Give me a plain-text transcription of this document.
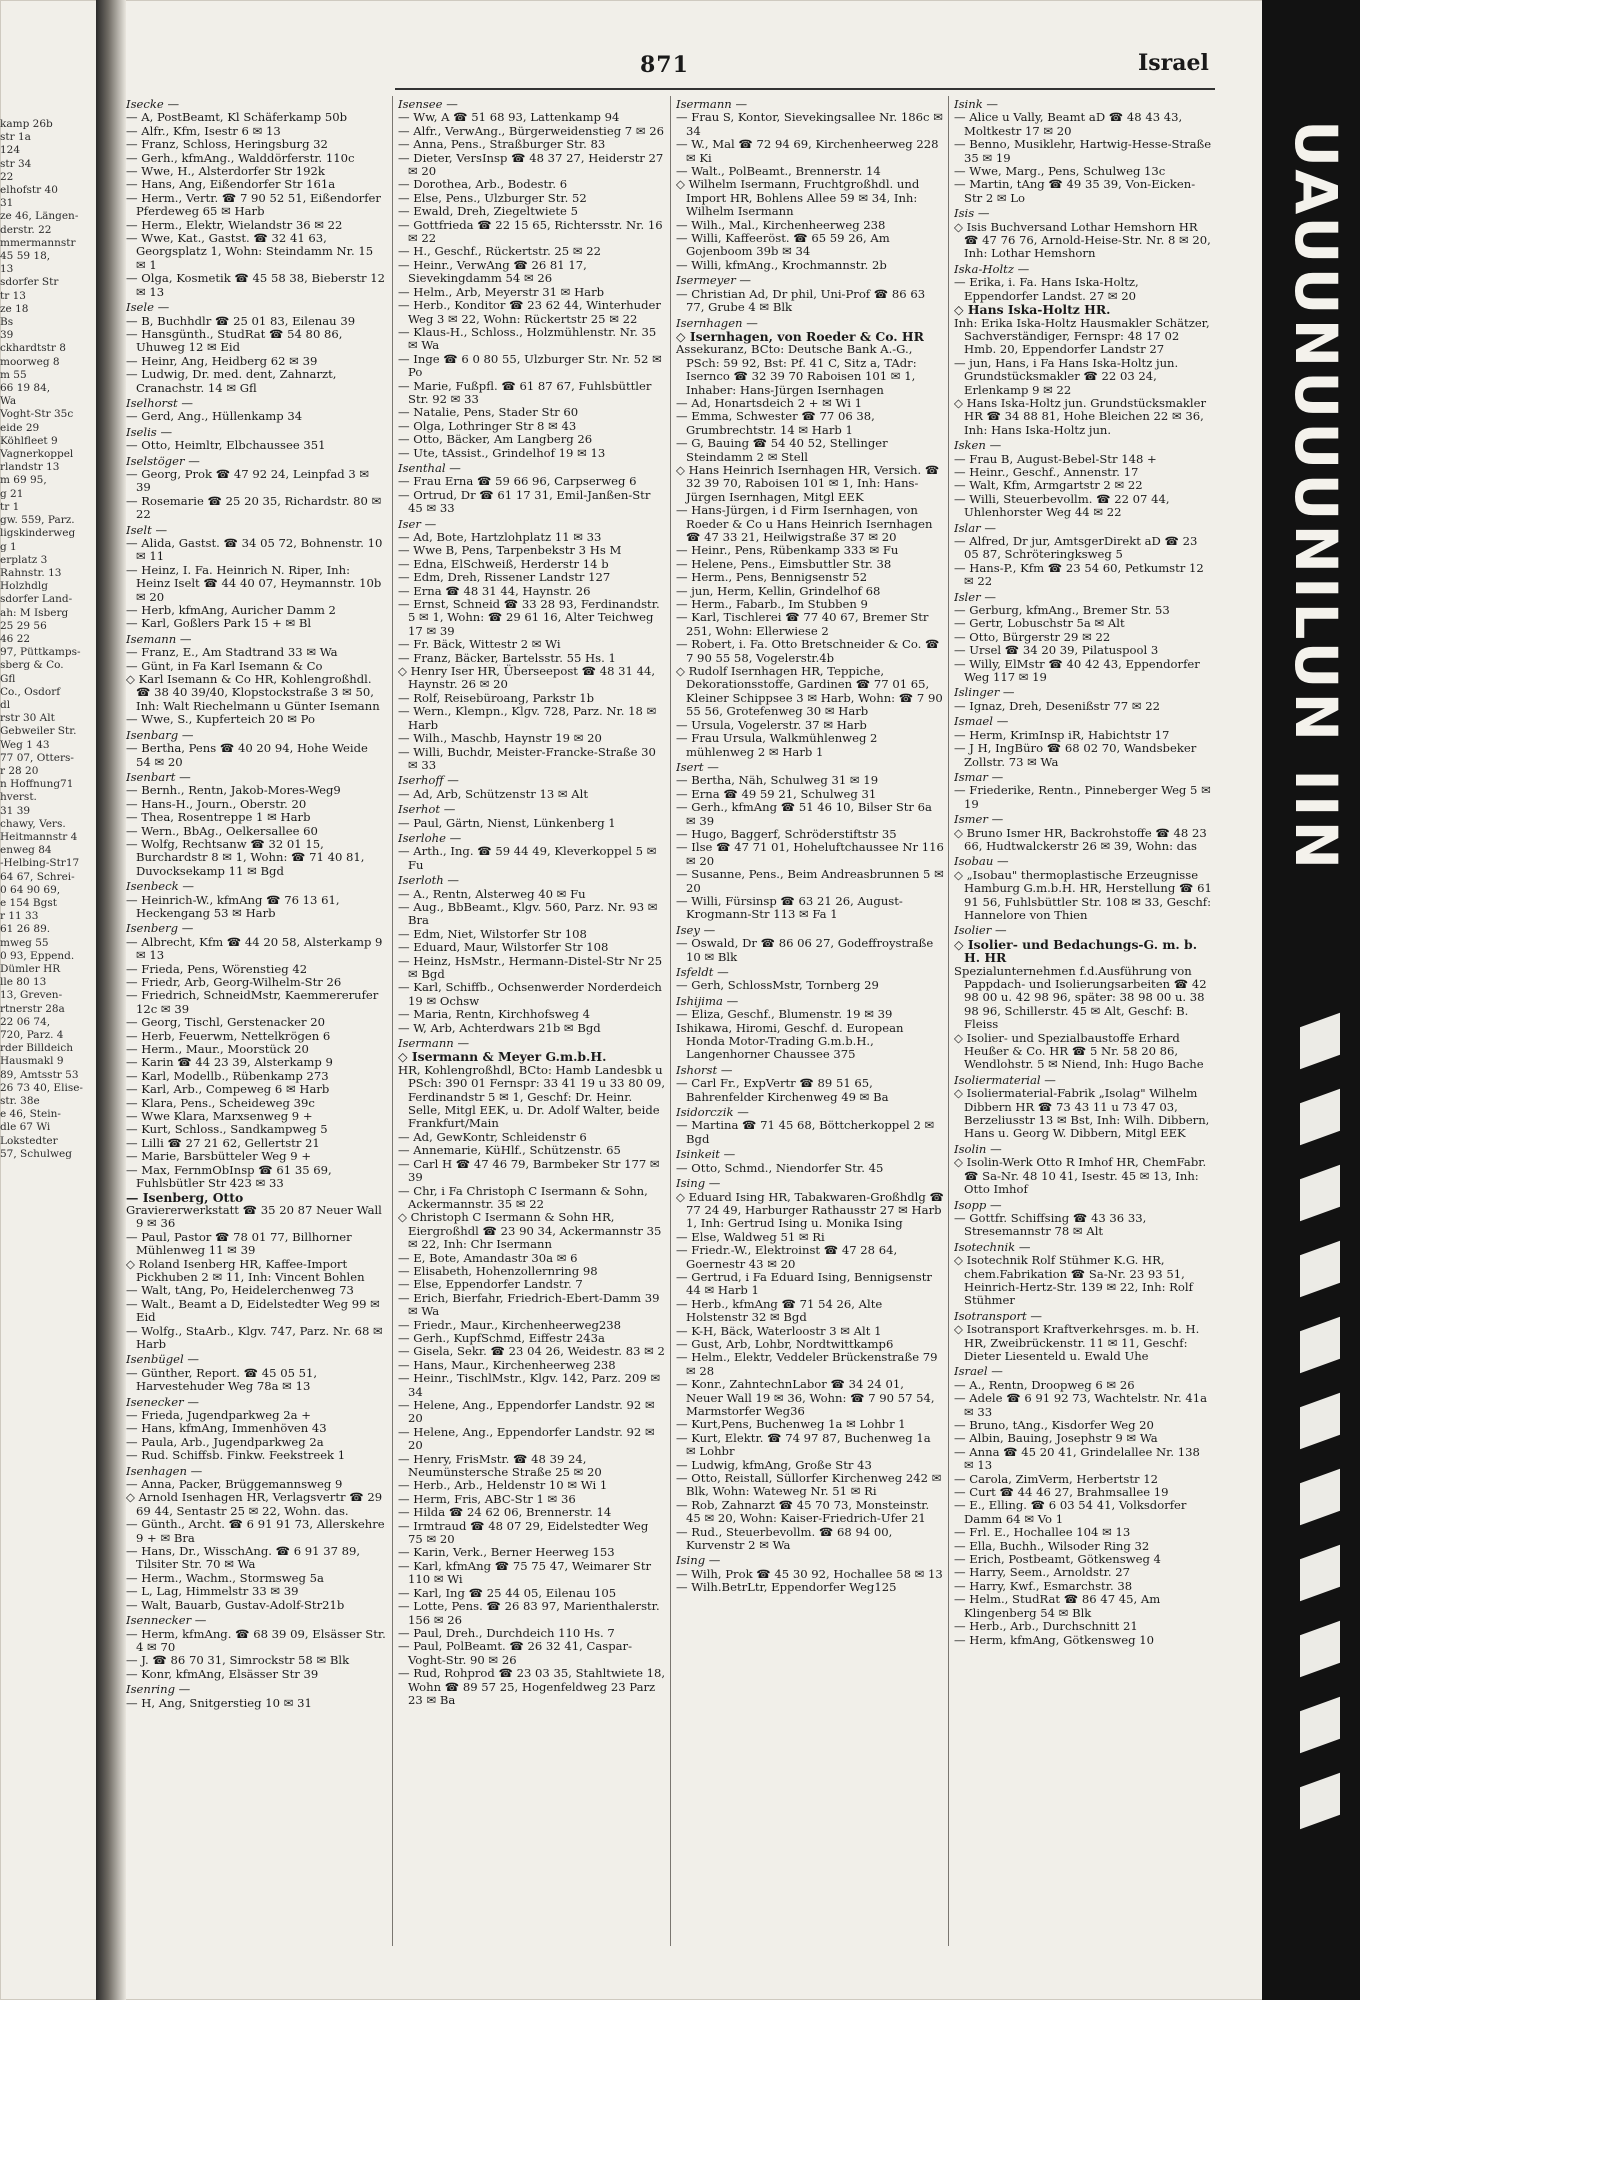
kamp 26b
str 1a
124
str 34
22
elhofstr 40
31
ze 46, Längen-
derstr. 22
mmermannstr
45 59 18,
13
sdorfer Str
tr 13
ze 18
Bs
39
ckhardtstr 8
moorweg 8
m 55
66 19 84,
Wa
Voght-Str 35c
eide 29
Köhlfleet 9
Vagnerkoppel
rlandstr 13
m 69 95,
g 21
tr 1
gw. 559, Parz.
ligskinderweg
g 1
erplatz 3
Rahnstr. 13
Holzhdlg
sdorfer Land-
ah: M Isberg
25 29 56
46 22
97, Püttkamps-
sberg & Co.
Gfl
Co., Osdorf
dl
rstr 30 Alt
Gebweiler Str.
Weg 1 43
77 07, Otters-
r 28 20
n Hoffnung71
hverst.
31 39
chawy, Vers.
Heitmannstr 4
enweg 84
-Helbing-Str17
64 67, Schrei-
0 64 90 69,
e 154 Bgst
r 11 33
61 26 89.
mweg 55
0 93, Eppend.
Dümler HR
lle 80 13
13, Greven-
rtnerstr 28a
22 06 74,
720, Parz. 4
rder Billdeich
Hausmakl 9
89, Amtsstr 53
26 73 40, Elise-
str. 38e
e 46, Stein-
dle 67 Wi
Lokstedter
57, Schulweg
871	Israel

Isecke —

— A, PostBeamt, Kl Schäferkamp 50b

— Alfr., Kfm, Isestr 6 ✉ 13

— Franz, Schloss, Heringsburg 32

— Gerh., kfmAng., Walddörferstr. 110c

— Wwe, H., Alsterdorfer Str 192k

— Hans, Ang, Eißendorfer Str 161a

— Herm., Vertr. ☎ 7 90 52 51, Eißendorfer Pferdeweg 65 ✉ Harb

— Herm., Elektr, Wielandstr 36 ✉ 22

— Wwe, Kat., Gastst. ☎ 32 41 63, Georgsplatz 1, Wohn: Steindamm Nr. 15 ✉ 1

— Olga, Kosmetik ☎ 45 58 38, Bieberstr 12 ✉ 13

Isele —

— B, Buchhdlr ☎ 25 01 83, Eilenau 39

— Hansgünth., StudRat ☎ 54 80 86, Uhuweg 12 ✉ Eid

— Heinr, Ang, Heidberg 62 ✉ 39

— Ludwig, Dr. med. dent, Zahnarzt, Cranachstr. 14 ✉ Gfl

Iselhorst —

— Gerd, Ang., Hüllenkamp 34

Iselis —

— Otto, Heimltr, Elbchaussee 351

Iselstöger —

— Georg, Prok ☎ 47 92 24, Leinpfad 3 ✉ 39

— Rosemarie ☎ 25 20 35, Richardstr. 80 ✉ 22

Iselt —

— Alida, Gastst. ☎ 34 05 72, Bohnenstr. 10 ✉ 11

— Heinz, I. Fa. Heinrich N. Riper, Inh: Heinz Iselt ☎ 44 40 07, Heymannstr. 10b ✉ 20

— Herb, kfmAng, Auricher Damm 2

— Karl, Goßlers Park 15 + ✉ Bl

Isemann —

— Franz, E., Am Stadtrand 33 ✉ Wa

— Günt, in Fa Karl Isemann & Co

◇ Karl Isemann & Co HR, Kohlengroßhdl. ☎ 38 40 39/40, Klopstockstraße 3 ✉ 50, Inh: Walt Riechelmann u Günter Isemann

— Wwe, S., Kupferteich 20 ✉ Po

Isenbarg —

— Bertha, Pens ☎ 40 20 94, Hohe Weide 54 ✉ 20

Isenbart —

— Bernh., Rentn, Jakob-Mores-Weg9

— Hans-H., Journ., Oberstr. 20

— Thea, Rosentreppe 1 ✉ Harb

— Wern., BbAg., Oelkersallee 60

— Wolfg, Rechtsanw ☎ 32 01 15, Burchardstr 8 ✉ 1, Wohn: ☎ 71 40 81, Duvocksekamp 11 ✉ Bgd

Isenbeck —

— Heinrich-W., kfmAng ☎ 76 13 61, Heckengang 53 ✉ Harb

Isenberg —

— Albrecht, Kfm ☎ 44 20 58, Alsterkamp 9 ✉ 13

— Frieda, Pens, Wörenstieg 42

— Friedr, Arb, Georg-Wilhelm-Str 26

— Friedrich, SchneidMstr, Kaemmererufer 12c ✉ 39

— Georg, Tischl, Gerstenacker 20

— Herb, Feuerwm, Nettelkrögen 6

— Herm., Maur., Moorstück 20

— Karin ☎ 44 23 39, Alsterkamp 9

— Karl, Modellb., Rübenkamp 273

— Karl, Arb., Compeweg 6 ✉ Harb

— Klara, Pens., Scheideweg 39c

— Wwe Klara, Marxsenweg 9 +

— Kurt, Schloss., Sandkampweg 5

— Lilli ☎ 27 21 62, Gellertstr 21

— Marie, Barsbütteler Weg 9 +

— Max, FernmObInsp ☎ 61 35 69, Fuhlsbütler Str 423 ✉ 33

— Isenberg, Otto

Graviererwerkstatt ☎ 35 20 87 Neuer Wall 9 ✉ 36

— Paul, Pastor ☎ 78 01 77, Billhorner Mühlenweg 11 ✉ 39

◇ Roland Isenberg HR, Kaffee-Import Pickhuben 2 ✉ 11, Inh: Vincent Bohlen

— Walt, tAng, Po, Heidelerchenweg 73

— Walt., Beamt a D, Eidelstedter Weg 99 ✉ Eid

— Wolfg., StaArb., Klgv. 747, Parz. Nr. 68 ✉ Harb

Isenbügel —

— Günther, Report. ☎ 45 05 51, Harvestehuder Weg 78a ✉ 13

Isenecker —

— Frieda, Jugendparkweg 2a +

— Hans, kfmAng, Immenhöven 43

— Paula, Arb., Jugendparkweg 2a

— Rud. Schiffsb. Finkw. Feekstreek 1

Isenhagen —

— Anna, Packer, Brüggemannsweg 9

◇ Arnold Isenhagen HR, Verlagsvertr ☎ 29 69 44, Sentastr 25 ✉ 22, Wohn. das.

— Günth., Archt. ☎ 6 91 91 73, Allerskehre 9 + ✉ Bra

— Hans, Dr., WisschAng. ☎ 6 91 37 89, Tilsiter Str. 70 ✉ Wa

— Herm., Wachm., Stormsweg 5a

— L, Lag, Himmelstr 33 ✉ 39

— Walt, Bauarb, Gustav-Adolf-Str21b

Isennecker —

— Herm, kfmAng. ☎ 68 39 09, Elsässer Str. 4 ✉ 70

— J. ☎ 86 70 31, Simrockstr 58 ✉ Blk

— Konr, kfmAng, Elsässer Str 39

Isenring —

— H, Ang, Snitgerstieg 10 ✉ 31

Isensee —

— Ww, A ☎ 51 68 93, Lattenkamp 94

— Alfr., VerwAng., Bürgerweidenstieg 7 ✉ 26

— Anna, Pens., Straßburger Str. 83

— Dieter, VersInsp ☎ 48 37 27, Heiderstr 27 ✉ 20

— Dorothea, Arb., Bodestr. 6

— Else, Pens., Ulzburger Str. 52

— Ewald, Dreh, Ziegeltwiete 5

— Gottfrieda ☎ 22 15 65, Richtersstr. Nr. 16 ✉ 22

— H., Geschf., Rückertstr. 25 ✉ 22

— Heinr., VerwAng ☎ 26 81 17, Sievekingdamm 54 ✉ 26

— Helm., Arb, Meyerstr 31 ✉ Harb

— Herb., Konditor ☎ 23 62 44, Winterhuder Weg 3 ✉ 22, Wohn: Rückertstr 25 ✉ 22

— Klaus-H., Schloss., Holzmühlenstr. Nr. 35 ✉ Wa

— Inge ☎ 6 0 80 55, Ulzburger Str. Nr. 52 ✉ Po

— Marie, Fußpfl. ☎ 61 87 67, Fuhlsbüttler Str. 92 ✉ 33

— Natalie, Pens, Stader Str 60

— Olga, Lothringer Str 8 ✉ 43

— Otto, Bäcker, Am Langberg 26

— Ute, tAssist., Grindelhof 19 ✉ 13

Isenthal —

— Frau Erna ☎ 59 66 96, Carpserweg 6

— Ortrud, Dr ☎ 61 17 31, Emil-Janßen-Str 45 ✉ 33

Iser —

— Ad, Bote, Hartzlohplatz 11 ✉ 33

— Wwe B, Pens, Tarpenbekstr 3 Hs M

— Edna, ElSchweiß, Herderstr 14 b

— Edm, Dreh, Rissener Landstr 127

— Erna ☎ 48 31 44, Haynstr. 26

— Ernst, Schneid ☎ 33 28 93, Ferdinandstr. 5 ✉ 1, Wohn: ☎ 29 61 16, Alter Teichweg 17 ✉ 39

— Fr. Bäck, Wittestr 2 ✉ Wi

— Franz, Bäcker, Bartelsstr. 55 Hs. 1

◇ Henry Iser HR, Überseepost ☎ 48 31 44, Haynstr. 26 ✉ 20

— Rolf, Reisebüroang, Parkstr 1b

— Wern., Klempn., Klgv. 728, Parz. Nr. 18 ✉ Harb

— Wilh., Maschb, Haynstr 19 ✉ 20

— Willi, Buchdr, Meister-Francke-Straße 30 ✉ 33

Iserhoff —

— Ad, Arb, Schützenstr 13 ✉ Alt

Iserhot —

— Paul, Gärtn, Nienst, Lünkenberg 1

Iserlohe —

— Arth., Ing. ☎ 59 44 49, Kleverkoppel 5 ✉ Fu

Iserloth —

— A., Rentn, Alsterweg 40 ✉ Fu

— Aug., BbBeamt., Klgv. 560, Parz. Nr. 93 ✉ Bra

— Edm, Niet, Wilstorfer Str 108

— Eduard, Maur, Wilstorfer Str 108

— Heinz, HsMstr., Hermann-Distel-Str Nr 25 ✉ Bgd

— Karl, Schiffb., Ochsenwerder Norderdeich 19 ✉ Ochsw

— Maria, Rentn, Kirchhofsweg 4

— W, Arb, Achterdwars 21b ✉ Bgd

Isermann —

◇ Isermann & Meyer G.m.b.H.

HR, Kohlengroßhdl, BCto: Hamb Landesbk u PSch: 390 01 Fernspr: 33 41 19 u 33 80 09, Ferdinandstr 5 ✉ 1, Geschf: Dr. Heinr. Selle, Mitgl EEK, u. Dr. Adolf Walter, beide Frankfurt/Main

— Ad, GewKontr, Schleidenstr 6

— Annemarie, KüHlf., Schützenstr. 65

— Carl H ☎ 47 46 79, Barmbeker Str 177 ✉ 39

— Chr, i Fa Christoph C Isermann & Sohn, Ackermannstr. 35 ✉ 22

◇ Christoph C Isermann & Sohn HR, Eiergroßhdl ☎ 23 90 34, Ackermannstr 35 ✉ 22, Inh: Chr Isermann

— E, Bote, Amandastr 30a ✉ 6

— Elisabeth, Hohenzollernring 98

— Else, Eppendorfer Landstr. 7

— Erich, Bierfahr, Friedrich-Ebert-Damm 39 ✉ Wa

— Friedr., Maur., Kirchenheerweg238

— Gerh., KupfSchmd, Eiffestr 243a

— Gisela, Sekr. ☎ 23 04 26, Weidestr. 83 ✉ 2

— Hans, Maur., Kirchenheerweg 238

— Heinr., TischlMstr., Klgv. 142, Parz. 209 ✉ 34

— Helene, Ang., Eppendorfer Landstr. 92 ✉ 20

— Helene, Ang., Eppendorfer Landstr. 92 ✉ 20

— Henry, FrisMstr. ☎ 48 39 24, Neumünstersche Straße 25 ✉ 20

— Herb., Arb., Heldenstr 10 ✉ Wi 1

— Herm, Fris, ABC-Str 1 ✉ 36

— Hilda ☎ 24 62 06, Brennerstr. 14

— Irmtraud ☎ 48 07 29, Eidelstedter Weg 75 ✉ 20

— Karin, Verk., Berner Heerweg 153

— Karl, kfmAng ☎ 75 75 47, Weimarer Str 110 ✉ Wi

— Karl, Ing ☎ 25 44 05, Eilenau 105

— Lotte, Pens. ☎ 26 83 97, Marienthalerstr. 156 ✉ 26

— Paul, Dreh., Durchdeich 110 Hs. 7

— Paul, PolBeamt. ☎ 26 32 41, Caspar-Voght-Str. 90 ✉ 26

— Rud, Rohprod ☎ 23 03 35, Stahltwiete 18, Wohn ☎ 89 57 25, Hogenfeldweg 23 Parz 23 ✉ Ba

Isermann —

— Frau S, Kontor, Sievekingsallee Nr. 186c ✉ 34

— W., Mal ☎ 72 94 69, Kirchenheerweg 228 ✉ Ki

— Walt., PolBeamt., Brennerstr. 14

◇ Wilhelm Isermann, Fruchtgroßhdl. und Import HR, Bohlens Allee 59 ✉ 34, Inh: Wilhelm Isermann

— Wilh., Mal., Kirchenheerweg 238

— Willi, Kaffeeröst. ☎ 65 59 26, Am Gojenboom 39b ✉ 34

— Willi, kfmAng., Krochmannstr. 2b

Isermeyer —

— Christian Ad, Dr phil, Uni-Prof ☎ 86 63 77, Grube 4 ✉ Blk

Isernhagen —

◇ Isernhagen, von Roeder & Co. HR

Assekuranz, BCto: Deutsche Bank A.-G., PSch: 59 92, Bst: Pf. 41 C, Sitz a, TAdr: Isernco ☎ 32 39 70 Raboisen 101 ✉ 1, Inhaber: Hans-Jürgen Isernhagen

— Ad, Honartsdeich 2 + ✉ Wi 1

— Emma, Schwester ☎ 77 06 38, Grumbrechtstr. 14 ✉ Harb 1

— G, Bauing ☎ 54 40 52, Stellinger Steindamm 2 ✉ Stell

◇ Hans Heinrich Isernhagen HR, Versich. ☎ 32 39 70, Raboisen 101 ✉ 1, Inh: Hans-Jürgen Isernhagen, Mitgl EEK

— Hans-Jürgen, i d Firm Isernhagen, von Roeder & Co u Hans Heinrich Isernhagen ☎ 47 33 21, Heilwigstraße 37 ✉ 20

— Heinr., Pens, Rübenkamp 333 ✉ Fu

— Helene, Pens., Eimsbuttler Str. 38

— Herm., Pens, Bennigsenstr 52

— jun, Herm, Kellin, Grindelhof 68

— Herm., Fabarb., Im Stubben 9

— Karl, Tischlerei ☎ 77 40 67, Bremer Str 251, Wohn: Ellerwiese 2

— Robert, i. Fa. Otto Bretschneider & Co. ☎ 7 90 55 58, Vogelerstr.4b

◇ Rudolf Isernhagen HR, Teppiche, Dekorationsstoffe, Gardinen ☎ 77 01 65, Kleiner Schippsee 3 ✉ Harb, Wohn: ☎ 7 90 55 56, Grotefenweg 30 ✉ Harb

— Ursula, Vogelerstr. 37 ✉ Harb

— Frau Ursula, Walkmühlenweg 2 mühlenweg 2 ✉ Harb 1

Isert —

— Bertha, Näh, Schulweg 31 ✉ 19

— Erna ☎ 49 59 21, Schulweg 31

— Gerh., kfmAng ☎ 51 46 10, Bilser Str 6a ✉ 39

— Hugo, Baggerf, Schröderstiftstr 35

— Ilse ☎ 47 71 01, Hoheluftchaussee Nr 116 ✉ 20

— Susanne, Pens., Beim Andreasbrunnen 5 ✉ 20

— Willi, Fürsinsp ☎ 63 21 26, August-Krogmann-Str 113 ✉ Fa 1

Isey —

— Oswald, Dr ☎ 86 06 27, Godeffroystraße 10 ✉ Blk

Isfeldt —

— Gerh, SchlossMstr, Tornberg 29

Ishijima —

— Eliza, Geschf., Blumenstr. 19 ✉ 39

Ishikawa, Hiromi, Geschf. d. European Honda Motor-Trading G.m.b.H., Langenhorner Chaussee 375

Ishorst —

— Carl Fr., ExpVertr ☎ 89 51 65, Bahrenfelder Kirchenweg 49 ✉ Ba

Isidorczik —

— Martina ☎ 71 45 68, Böttcherkoppel 2 ✉ Bgd

Isinkeit —

— Otto, Schmd., Niendorfer Str. 45

Ising —

◇ Eduard Ising HR, Tabakwaren-Großhdlg ☎ 77 24 49, Harburger Rathausstr 27 ✉ Harb 1, Inh: Gertrud Ising u. Monika Ising

— Else, Waldweg 51 ✉ Ri

— Friedr.-W., Elektroinst ☎ 47 28 64, Goernestr 43 ✉ 20

— Gertrud, i Fa Eduard Ising, Bennigsenstr 44 ✉ Harb 1

— Herb., kfmAng ☎ 71 54 26, Alte Holstenstr 32 ✉ Bgd

— K-H, Bäck, Waterloostr 3 ✉ Alt 1

— Gust, Arb, Lohbr, Nordtwittkamp6

— Helm., Elektr, Veddeler Brückenstraße 79 ✉ 28

— Konr., ZahntechnLabor ☎ 34 24 01, Neuer Wall 19 ✉ 36, Wohn: ☎ 7 90 57 54, Marmstorfer Weg36

— Kurt,Pens, Buchenweg 1a ✉ Lohbr 1

— Kurt, Elektr. ☎ 74 97 87, Buchenweg 1a ✉ Lohbr

— Ludwig, kfmAng, Große Str 43

— Otto, Reistall, Süllorfer Kirchenweg 242 ✉ Blk, Wohn: Wateweg Nr. 51 ✉ Ri

— Rob, Zahnarzt ☎ 45 70 73, Monsteinstr. 45 ✉ 20, Wohn: Kaiser-Friedrich-Ufer 21

— Rud., Steuerbevollm. ☎ 68 94 00, Kurvenstr 2 ✉ Wa

Ising —

— Wilh, Prok ☎ 45 30 92, Hochallee 58 ✉ 13

— Wilh.BetrLtr, Eppendorfer Weg125

Isink —

— Alice u Vally, Beamt aD ☎ 48 43 43, Moltkestr 17 ✉ 20

— Benno, Musiklehr, Hartwig-Hesse-Straße 35 ✉ 19

— Wwe, Marg., Pens, Schulweg 13c

— Martin, tAng ☎ 49 35 39, Von-Eicken-Str 2 ✉ Lo

Isis —

◇ Isis Buchversand Lothar Hemshorn HR ☎ 47 76 76, Arnold-Heise-Str. Nr. 8 ✉ 20, Inh: Lothar Hemshorn

Iska-Holtz —

— Erika, i. Fa. Hans Iska-Holtz, Eppendorfer Landst. 27 ✉ 20

◇ Hans Iska-Holtz HR.

Inh: Erika Iska-Holtz Hausmakler Schätzer, Sachverständiger, Fernspr: 48 17 02 Hmb. 20, Eppendorfer Landstr 27

— jun, Hans, i Fa Hans Iska-Holtz jun. Grundstücksmakler ☎ 22 03 24, Erlenkamp 9 ✉ 22

◇ Hans Iska-Holtz jun. Grundstücksmakler HR ☎ 34 88 81, Hohe Bleichen 22 ✉ 36, Inh: Hans Iska-Holtz jun.

Isken —

— Frau B, August-Bebel-Str 148 +

— Heinr., Geschf., Annenstr. 17

— Walt, Kfm, Armgartstr 2 ✉ 22

— Willi, Steuerbevollm. ☎ 22 07 44, Uhlenhorster Weg 44 ✉ 22

Islar —

— Alfred, Dr jur, AmtsgerDirekt aD ☎ 23 05 87, Schröteringksweg 5

— Hans-P., Kfm ☎ 23 54 60, Petkumstr 12 ✉ 22

Isler —

— Gerburg, kfmAng., Bremer Str. 53

— Gertr, Lobuschstr 5a ✉ Alt

— Otto, Bürgerstr 29 ✉ 22

— Ursel ☎ 34 20 39, Pilatuspool 3

— Willy, ElMstr ☎ 40 42 43, Eppendorfer Weg 117 ✉ 19

Islinger —

— Ignaz, Dreh, Desenißstr 77 ✉ 22

Ismael —

— Herm, KrimInsp iR, Habichtstr 17

— J H, IngBüro ☎ 68 02 70, Wandsbeker Zollstr. 73 ✉ Wa

Ismar —

— Friederike, Rentn., Pinneberger Weg 5 ✉ 19

Ismer —

◇ Bruno Ismer HR, Backrohstoffe ☎ 48 23 66, Hudtwalckerstr 26 ✉ 39, Wohn: das

Isobau —

◇ „Isobau" thermoplastische Erzeugnisse Hamburg G.m.b.H. HR, Herstellung ☎ 61 91 56, Fuhlsbüttler Str. 108 ✉ 33, Geschf: Hannelore von Thien

Isolier —

◇ Isolier- und Bedachungs-G. m. b. H. HR

Spezialunternehmen f.d.Ausführung von Pappdach- und Isolierungsarbeiten ☎ 42 98 00 u. 42 98 96, später: 38 98 00 u. 38 98 96, Schillerstr. 45 ✉ Alt, Geschf: B. Fleiss

◇ Isolier- und Spezialbaustoffe Erhard Heußer & Co. HR ☎ 5 Nr. 58 20 86, Wendlohstr. 5 ✉ Niend, Inh: Hugo Bache

Isoliermaterial —

◇ Isoliermaterial-Fabrik „Isolag" Wilhelm Dibbern HR ☎ 73 43 11 u 73 47 03, Berzeliusstr 13 ✉ Bst, Inh: Wilh. Dibbern, Hans u. Georg W. Dibbern, Mitgl EEK

Isolin —

◇ Isolin-Werk Otto R Imhof HR, ChemFabr. ☎ Sa-Nr. 48 10 41, Isestr. 45 ✉ 13, Inh: Otto Imhof

Isopp —

— Gottfr. Schiffsing ☎ 43 36 33, Stresemannstr 78 ✉ Alt

Isotechnik —

◇ Isotechnik Rolf Stühmer K.G. HR, chem.Fabrikation ☎ Sa-Nr. 23 93 51, Heinrich-Hertz-Str. 139 ✉ 22, Inh: Rolf Stühmer

Isotransport —

◇ Isotransport Kraftverkehrsges. m. b. H. HR, Zweibrückenstr. 11 ✉ 11, Geschf: Dieter Liesenteld u. Ewald Uhe

Israel —

— A., Rentn, Droopweg 6 ✉ 26

— Adele ☎ 6 91 92 73, Wachtelstr. Nr. 41a ✉ 33

— Bruno, tAng., Kisdorfer Weg 20

— Albin, Bauing, Josephstr 9 ✉ Wa

— Anna ☎ 45 20 41, Grindelallee Nr. 138 ✉ 13

— Carola, ZimVerm, Herbertstr 12

— Curt ☎ 44 46 27, Brahmsallee 19

— E., Elling. ☎ 6 03 54 41, Volksdorfer Damm 64 ✉ Vo 1

— Frl. E., Hochallee 104 ✉ 13

— Ella, Buchh., Wilsoder Ring 32

— Erich, Postbeamt, Götkensweg 4

— Harry, Seem., Arnoldstr. 27

— Harry, Kwf., Esmarchstr. 38

— Helm., StudRat ☎ 86 47 45, Am Klingenberg 54 ✉ Blk

— Herb., Arb., Durchschnitt 21

— Herm, kfmAng, Götkensweg 10

UAUUNUUUNILUN IIN
